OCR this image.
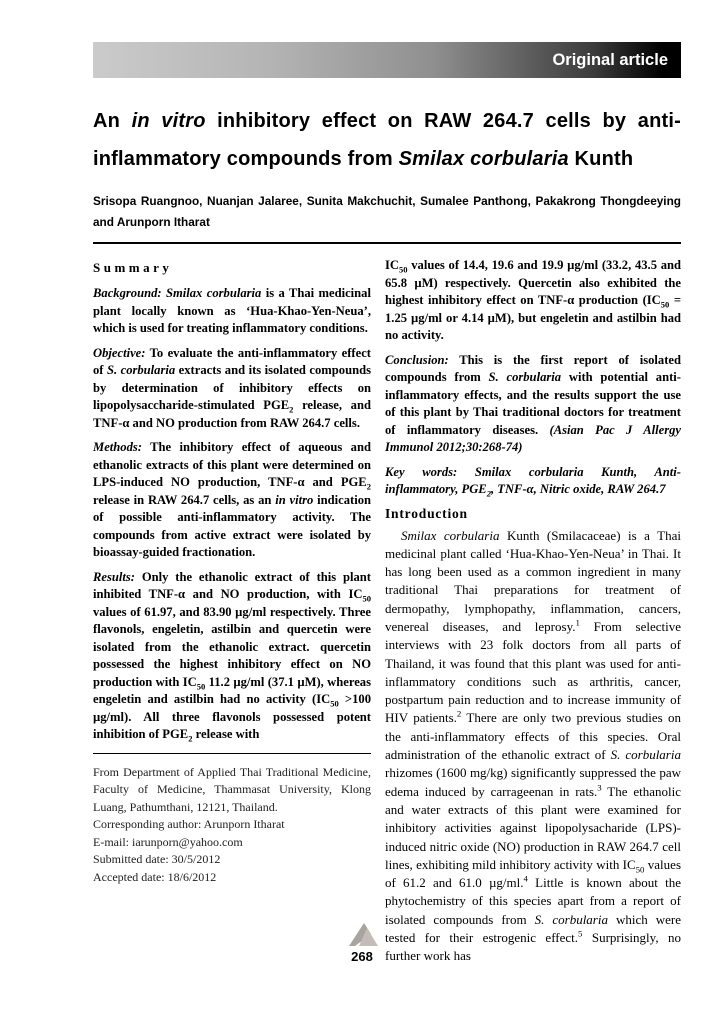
Original article
An in vitro inhibitory effect on RAW 264.7 cells by anti-inflammatory compounds from Smilax corbularia Kunth

Srisopa Ruangnoo, Nuanjan Jalaree, Sunita Makchuchit, Sumalee Panthong, Pakakrong Thongdeeying and Arunporn Itharat

Summary

Background: Smilax corbularia is a Thai medicinal plant locally known as ‘Hua-Khao-Yen-Neua’, which is used for treating inflammatory conditions.

Objective: To evaluate the anti-inflammatory effect of S. corbularia extracts and its isolated compounds by determination of inhibitory effects on lipopolysaccharide-stimulated $PGE_2$ release, and TNF-α and NO production from RAW 264.7 cells.

Methods: The inhibitory effect of aqueous and ethanolic extracts of this plant were determined on LPS-induced NO production, TNF-α and $PGE_2$ release in RAW 264.7 cells, as an in vitro indication of possible anti-inflammatory activity. The compounds from active extract were isolated by bioassay-guided fractionation.

Results: Only the ethanolic extract of this plant inhibited TNF-α and NO production, with $IC_{50}$ values of 61.97, and 83.90 µg/ml respectively. Three flavonols, engeletin, astilbin and quercetin were isolated from the ethanolic extract. quercetin possessed the highest inhibitory effect on NO production with $IC_{50}$ 11.2 µg/ml (37.1 µM), whereas engeletin and astilbin had no activity ($IC_{50} >100$ µg/ml). All three flavonols possessed potent inhibition of $PGE_2$ release with

From Department of Applied Thai Traditional Medicine, Faculty of Medicine, Thammasat University, Klong Luang, Pathumthani, 12121, Thailand.

Corresponding author: Arunporn Itharat

E-mail: iarunporn@yahoo.com

Submitted date: 30/5/2012

Accepted date: 18/6/2012

$IC_{50}$ values of 14.4, 19.6 and 19.9 µg/ml (33.2, 43.5 and 65.8 µM) respectively. Quercetin also exhibited the highest inhibitory effect on TNF-α production ($IC_{50} = 1.25$ µg/ml or 4.14 µM), but engeletin and astilbin had no activity.

Conclusion: This is the first report of isolated compounds from S. corbularia with potential anti-inflammatory effects, and the results support the use of this plant by Thai traditional doctors for treatment of inflammatory diseases. (Asian Pac J Allergy Immunol 2012;30:268-74)

Key words: Smilax corbularia Kunth, Anti-inflammatory, $PGE_2$, TNF-α, Nitric oxide, RAW 264.7

Introduction

Smilax corbularia Kunth (Smilacaceae) is a Thai medicinal plant called ‘Hua-Khao-Yen-Neua’ in Thai. It has long been used as a common ingredient in many traditional Thai preparations for treatment of dermopathy, lymphopathy, inflammation, cancers, venereal diseases, and leprosy.$^1$ From selective interviews with 23 folk doctors from all parts of Thailand, it was found that this plant was used for anti-inflammatory conditions such as arthritis, cancer, postpartum pain reduction and to increase immunity of HIV patients.$^2$ There are only two previous studies on the anti-inflammatory effects of this species. Oral administration of the ethanolic extract of S. corbularia rhizomes (1600 mg/kg) significantly suppressed the paw edema induced by carrageenan in rats.$^3$ The ethanolic and water extracts of this plant were examined for inhibitory activities against lipopolysacharide (LPS)-induced nitric oxide (NO) production in RAW 264.7 cell lines, exhibiting mild inhibitory activity with $IC_{50}$ values of 61.2 and 61.0 µg/ml.$^4$ Little is known about the phytochemistry of this species apart from a report of isolated compounds from S. corbularia which were tested for their estrogenic effect.$^5$ Surprisingly, no further work has

268
